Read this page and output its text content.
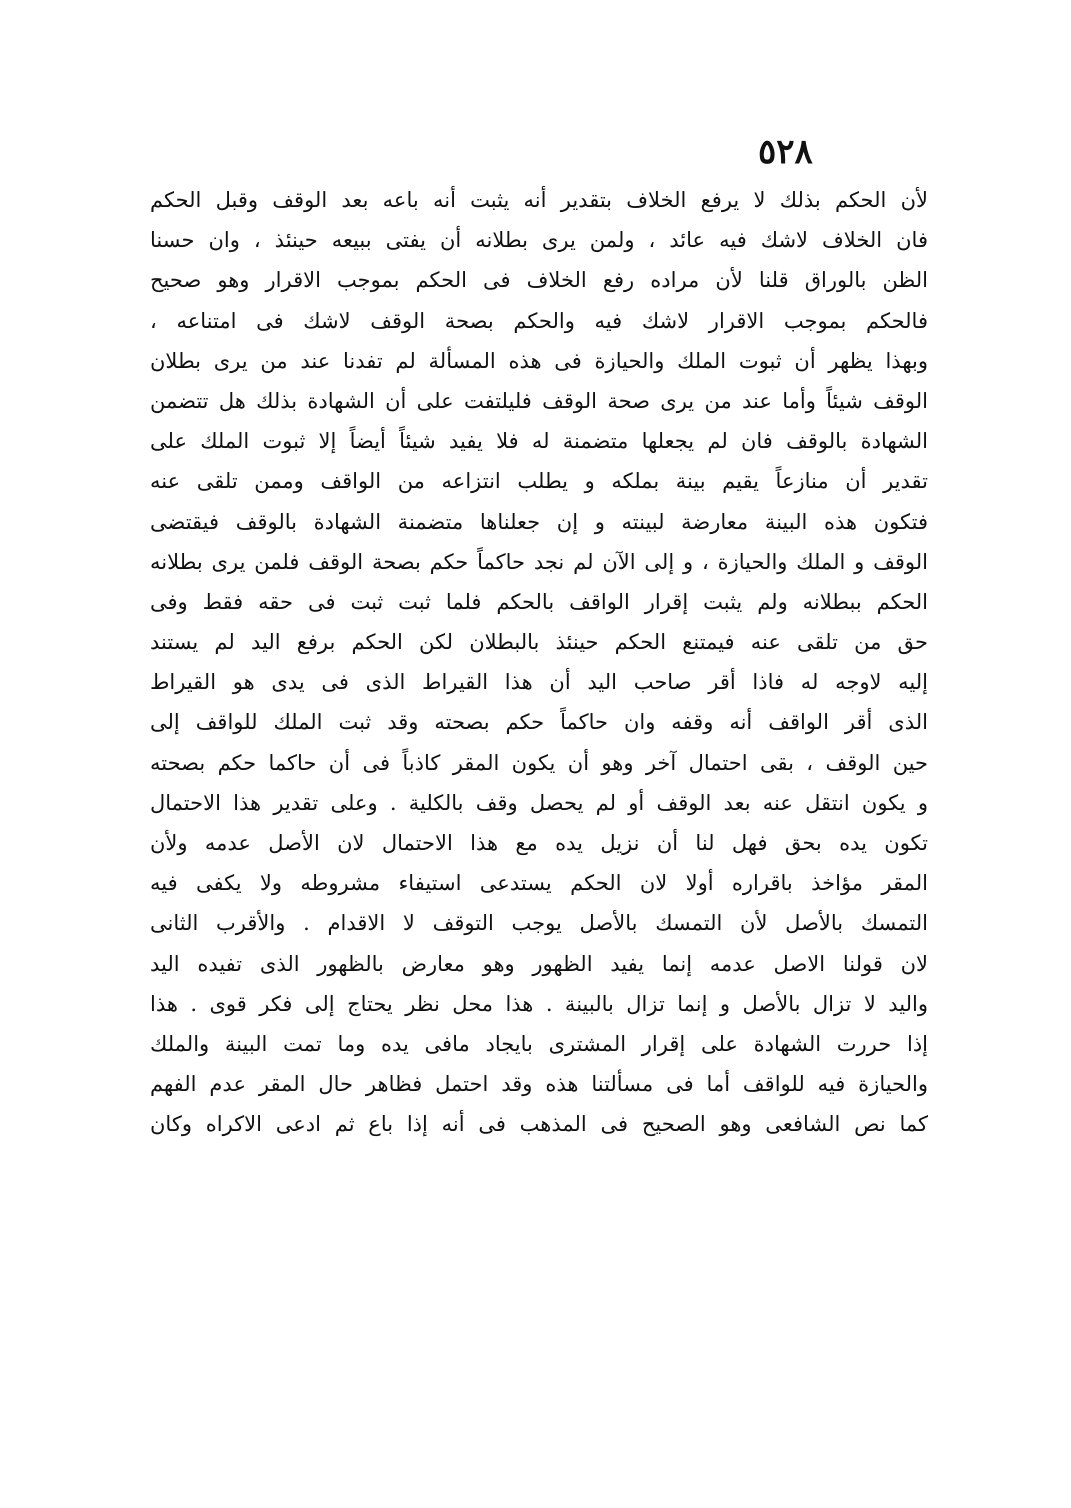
٥٢٨
لأن الحكم بذلك لا يرفع الخلاف بتقدير أنه يثبت أنه باعه بعد الوقف وقبل الحكم
فان الخلاف لاشك فيه عائد ، ولمن يرى بطلانه أن يفتى ببيعه حينئذ ، وان حسنا
الظن بالوراق قلنا لأن مراده رفع الخلاف فى الحكم بموجب الاقرار وهو صحيح
فالحكم بموجب الاقرار لاشك فيه والحكم بصحة الوقف لاشك فى امتناعه ،
وبهذا يظهر أن ثبوت الملك والحيازة فى هذه المسألة لم تفدنا عند من يرى بطلان
الوقف شيئاً وأما عند من يرى صحة الوقف فليلتفت على أن الشهادة بذلك هل تتضمن
الشهادة بالوقف فان لم يجعلها متضمنة له فلا يفيد شيئاً أيضاً إلا ثبوت الملك على
تقدير أن منازعاً يقيم بينة بملكه و يطلب انتزاعه من الواقف وممن تلقى عنه
فتكون هذه البينة معارضة لبينته و إن جعلناها متضمنة الشهادة بالوقف فيقتضى
الوقف و الملك والحيازة ، و إلى الآن لم نجد حاكماً حكم بصحة الوقف فلمن يرى بطلانه
الحكم ببطلانه ولم يثبت إقرار الواقف بالحكم فلما ثبت ثبت فى حقه فقط وفى
حق من تلقى عنه فيمتنع الحكم حينئذ بالبطلان لكن الحكم برفع اليد لم يستند
إليه لاوجه له فاذا أقر صاحب اليد أن هذا القيراط الذى فى يدى هو القيراط
الذى أقر الواقف أنه وقفه وان حاكماً حكم بصحته وقد ثبت الملك للواقف إلى
حين الوقف ، بقى احتمال آخر وهو أن يكون المقر كاذباً فى أن حاكما حكم بصحته
و يكون انتقل عنه بعد الوقف أو لم يحصل وقف بالكلية . وعلى تقدير هذا الاحتمال
تكون يده بحق فهل لنا أن نزيل يده مع هذا الاحتمال لان الأصل عدمه ولأن
المقر مؤاخذ باقراره أولا لان الحكم يستدعى استيفاء مشروطه ولا يكفى فيه
التمسك بالأصل لأن التمسك بالأصل يوجب التوقف لا الاقدام . والأقرب الثانى
لان قولنا الاصل عدمه إنما يفيد الظهور وهو معارض بالظهور الذى تفيده اليد
واليد لا تزال بالأصل و إنما تزال بالبينة . هذا محل نظر يحتاج إلى فكر قوى . هذا
إذا حررت الشهادة على إقرار المشترى بايجاد مافى يده وما تمت البينة والملك
والحيازة فيه للواقف أما فى مسألتنا هذه وقد احتمل فظاهر حال المقر عدم الفهم
كما نص الشافعى وهو الصحيح فى المذهب فى أنه إذا باع ثم ادعى الاكراه وكان
